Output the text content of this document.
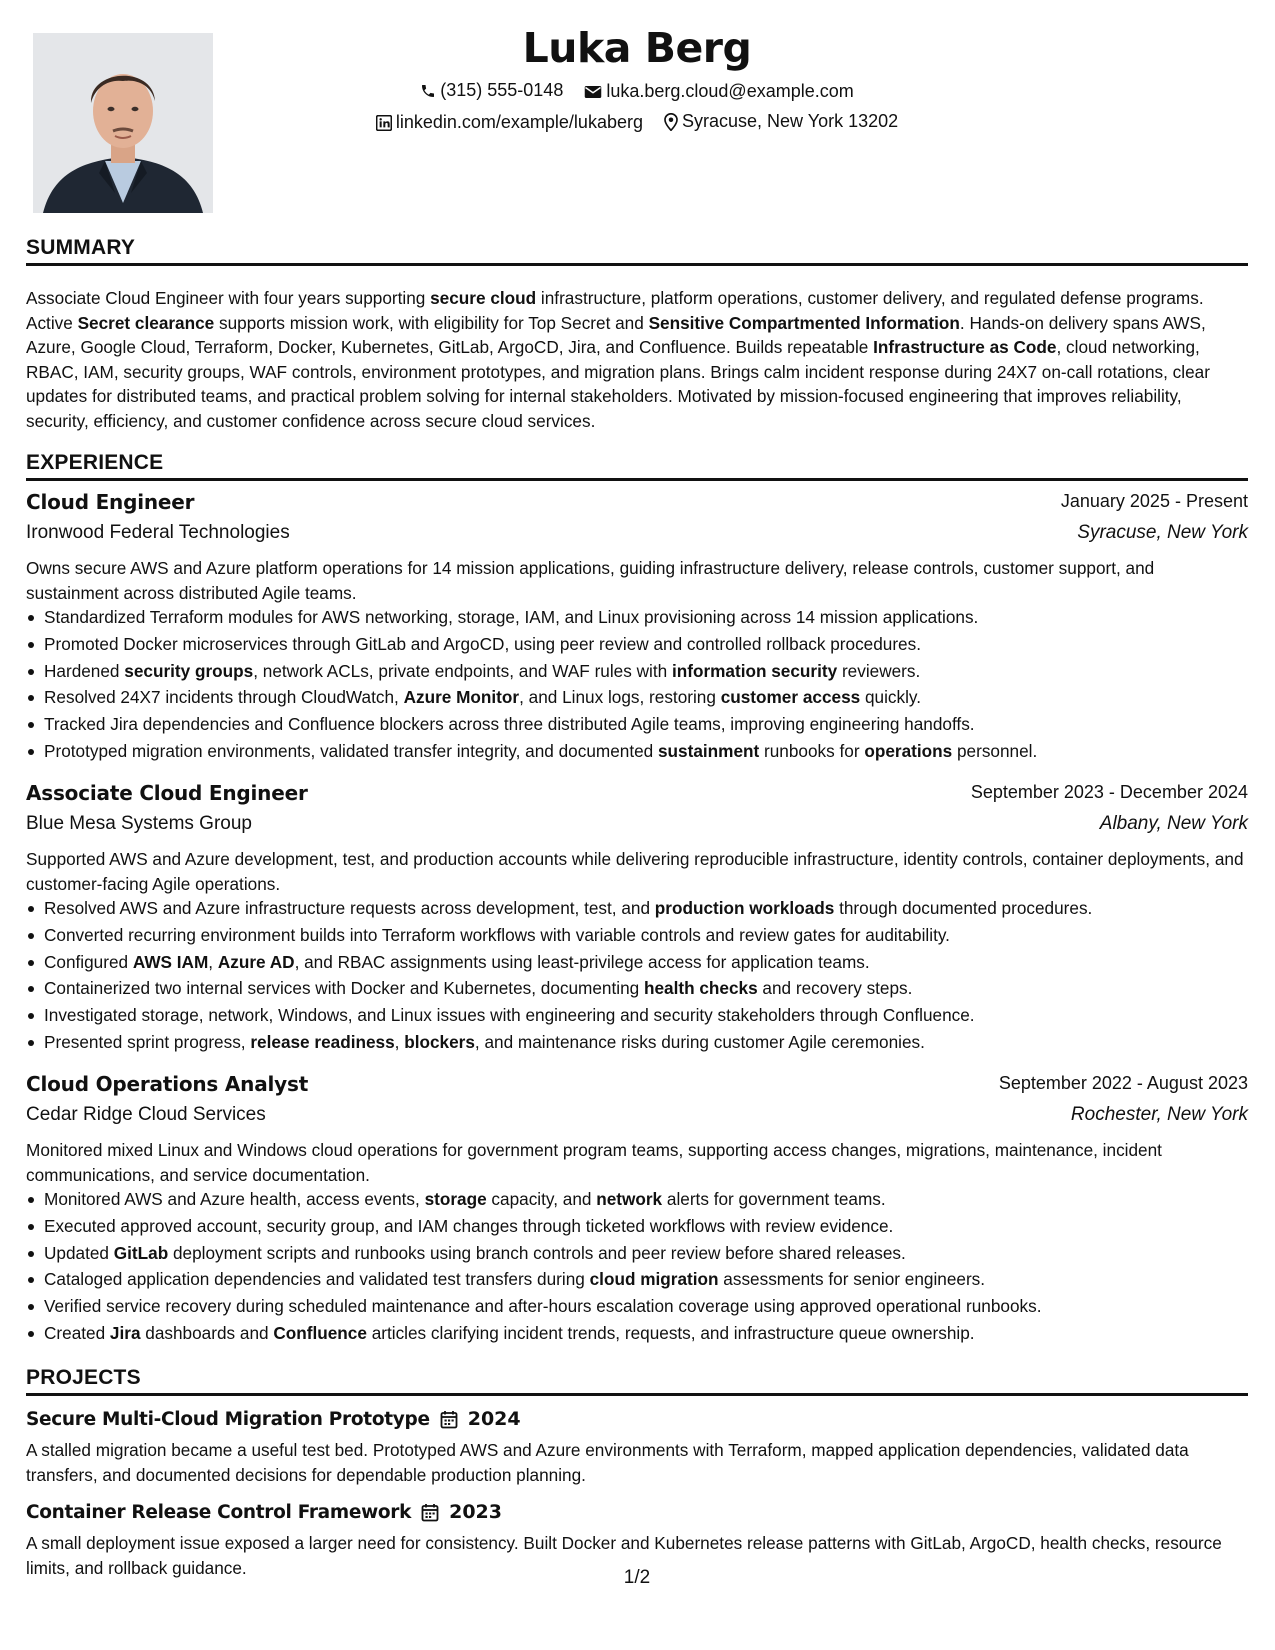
Luka Berg
(315) 555-0148
luka.berg.cloud@example.com
linkedin.com/example/lukaberg
Syracuse, New York 13202
SUMMARY
Associate Cloud Engineer with four years supporting secure cloud infrastructure, platform operations, customer delivery, and regulated defense programs. Active Secret clearance supports mission work, with eligibility for Top Secret and Sensitive Compartmented Information. Hands-on delivery spans AWS, Azure, Google Cloud, Terraform, Docker, Kubernetes, GitLab, ArgoCD, Jira, and Confluence. Builds repeatable Infrastructure as Code, cloud networking, RBAC, IAM, security groups, WAF controls, environment prototypes, and migration plans. Brings calm incident response during 24X7 on-call rotations, clear updates for distributed teams, and practical problem solving for internal stakeholders. Motivated by mission-focused engineering that improves reliability, security, efficiency, and customer confidence across secure cloud services.
EXPERIENCE
Cloud Engineer	January 2025 - Present
Ironwood Federal Technologies	Syracuse, New York
Owns secure AWS and Azure platform operations for 14 mission applications, guiding infrastructure delivery, release controls, customer support, and sustainment across distributed Agile teams.
Standardized Terraform modules for AWS networking, storage, IAM, and Linux provisioning across 14 mission applications.
Promoted Docker microservices through GitLab and ArgoCD, using peer review and controlled rollback procedures.
Hardened security groups, network ACLs, private endpoints, and WAF rules with information security reviewers.
Resolved 24X7 incidents through CloudWatch, Azure Monitor, and Linux logs, restoring customer access quickly.
Tracked Jira dependencies and Confluence blockers across three distributed Agile teams, improving engineering handoffs.
Prototyped migration environments, validated transfer integrity, and documented sustainment runbooks for operations personnel.
Associate Cloud Engineer	September 2023 - December 2024
Blue Mesa Systems Group	Albany, New York
Supported AWS and Azure development, test, and production accounts while delivering reproducible infrastructure, identity controls, container deployments, and customer-facing Agile operations.
Resolved AWS and Azure infrastructure requests across development, test, and production workloads through documented procedures.
Converted recurring environment builds into Terraform workflows with variable controls and review gates for auditability.
Configured AWS IAM, Azure AD, and RBAC assignments using least-privilege access for application teams.
Containerized two internal services with Docker and Kubernetes, documenting health checks and recovery steps.
Investigated storage, network, Windows, and Linux issues with engineering and security stakeholders through Confluence.
Presented sprint progress, release readiness, blockers, and maintenance risks during customer Agile ceremonies.
Cloud Operations Analyst	September 2022 - August 2023
Cedar Ridge Cloud Services	Rochester, New York
Monitored mixed Linux and Windows cloud operations for government program teams, supporting access changes, migrations, maintenance, incident communications, and service documentation.
Monitored AWS and Azure health, access events, storage capacity, and network alerts for government teams.
Executed approved account, security group, and IAM changes through ticketed workflows with review evidence.
Updated GitLab deployment scripts and runbooks using branch controls and peer review before shared releases.
Cataloged application dependencies and validated test transfers during cloud migration assessments for senior engineers.
Verified service recovery during scheduled maintenance and after-hours escalation coverage using approved operational runbooks.
Created Jira dashboards and Confluence articles clarifying incident trends, requests, and infrastructure queue ownership.
PROJECTS
Secure Multi-Cloud Migration Prototype 2024
A stalled migration became a useful test bed. Prototyped AWS and Azure environments with Terraform, mapped application dependencies, validated data transfers, and documented decisions for dependable production planning.
Container Release Control Framework 2023
A small deployment issue exposed a larger need for consistency. Built Docker and Kubernetes release patterns with GitLab, ArgoCD, health checks, resource limits, and rollback guidance.	1/2
